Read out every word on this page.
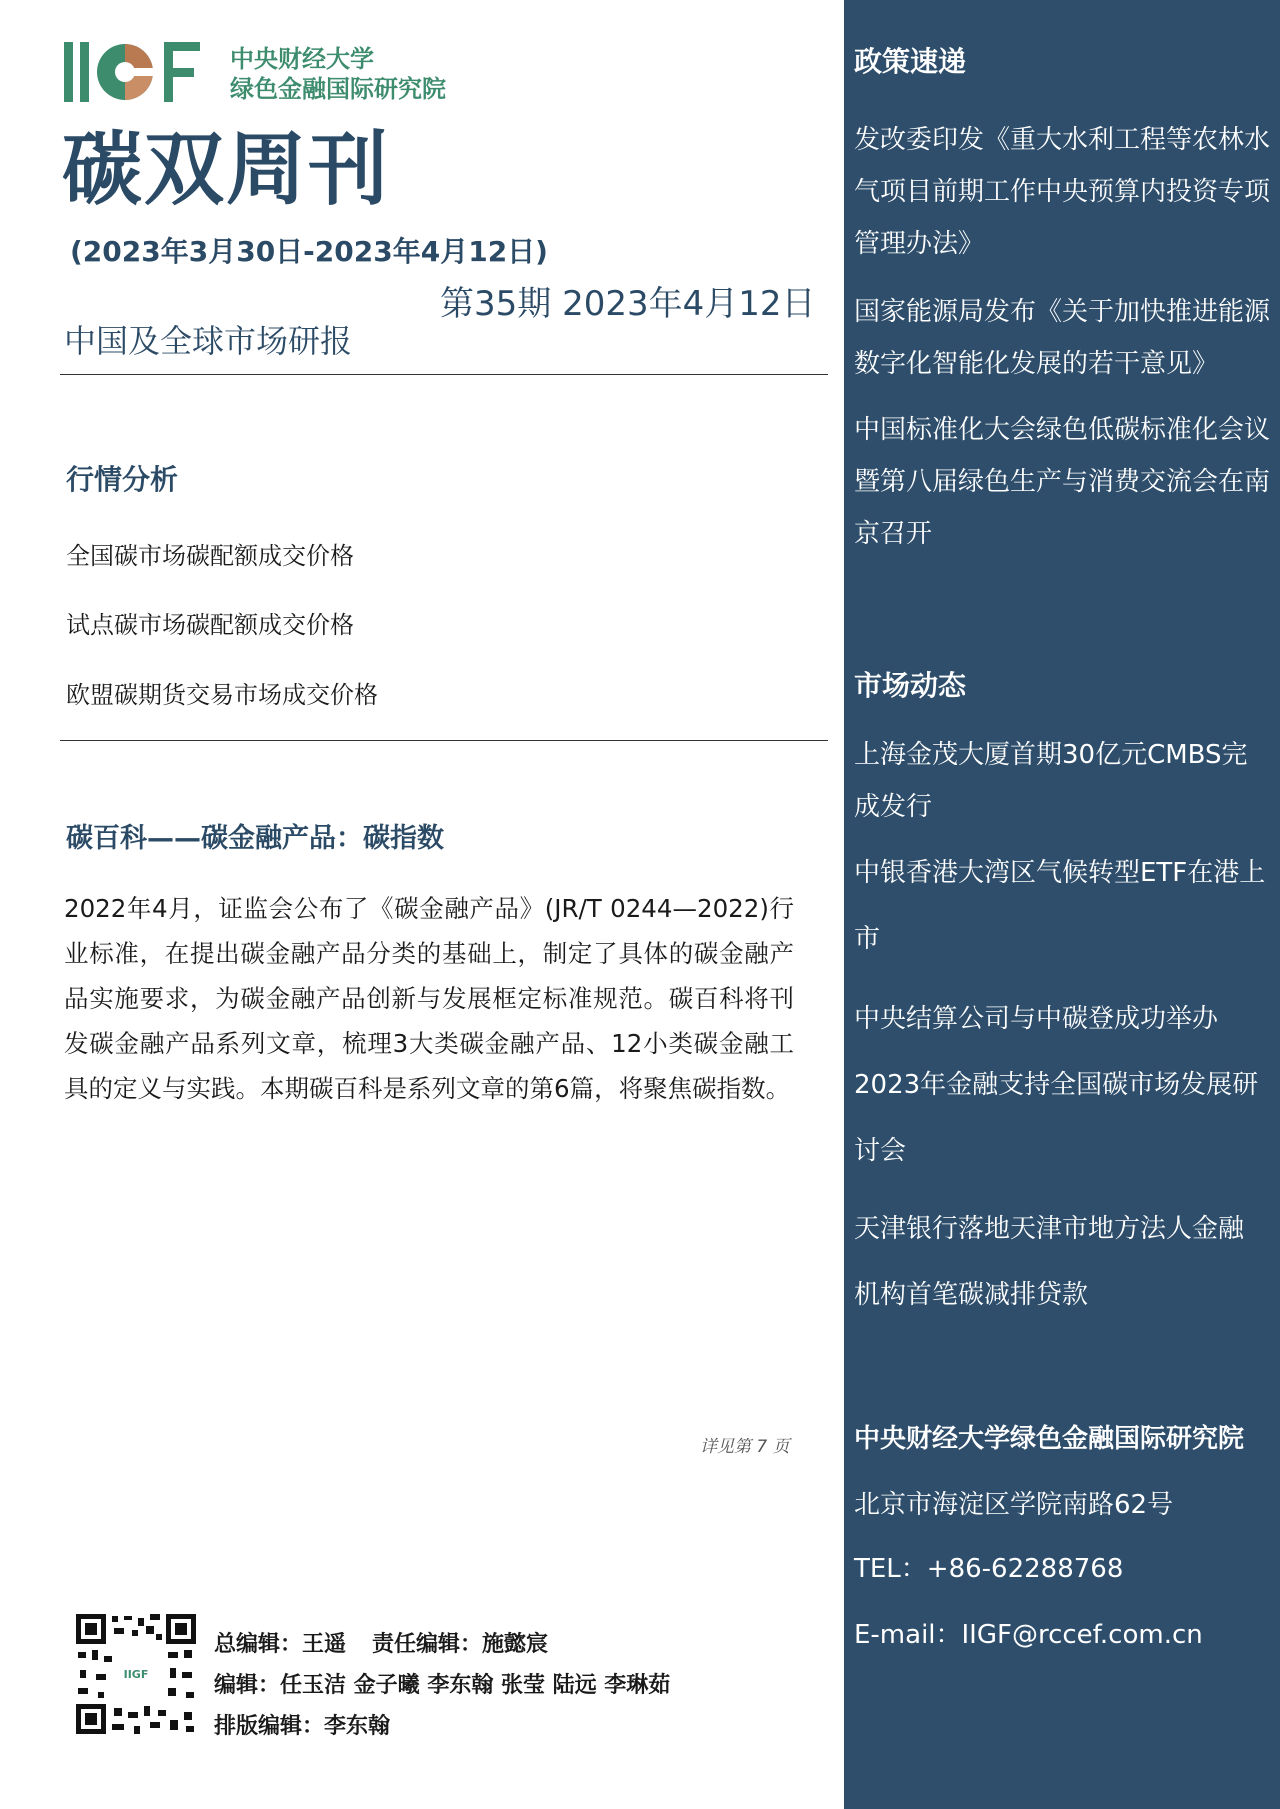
中央财经大学
绿色金融国际研究院
碳双周刊
(2023年3月30日-2023年4月12日)
第35期 2023年4月12日
中国及全球市场研报
行情分析
全国碳市场碳配额成交价格
试点碳市场碳配额成交价格
欧盟碳期货交易市场成交价格
碳百科——碳金融产品：碳指数
2022年4月，证监会公布了《碳金融产品》(JR/T 0244—2022)行业标准，在提出碳金融产品分类的基础上，制定了具体的碳金融产品实施要求，为碳金融产品创新与发展框定标准规范。碳百科将刊发碳金融产品系列文章，梳理3大类碳金融产品、12小类碳金融工具的定义与实践。本期碳百科是系列文章的第6篇，将聚焦碳指数。
详见第 7 页
IIGF
总编辑：王遥 责任编辑：施懿宸
编辑：任玉洁 金子曦 李东翰 张莹 陆远 李琳茹
排版编辑：李东翰
政策速递
发改委印发《重大水利工程等农林水气项目前期工作中央预算内投资专项管理办法》
国家能源局发布《关于加快推进能源数字化智能化发展的若干意见》
中国标准化大会绿色低碳标准化会议暨第八届绿色生产与消费交流会在南京召开
市场动态
上海金茂大厦首期30亿元CMBS完
成发行
中银香港大湾区气候转型ETF在港上
市
中央结算公司与中碳登成功举办
2023年金融支持全国碳市场发展研
讨会
天津银行落地天津市地方法人金融
机构首笔碳减排贷款
中央财经大学绿色金融国际研究院
北京市海淀区学院南路62号
TEL：+86-62288768
E-mail：IIGF@rccef.com.cn
